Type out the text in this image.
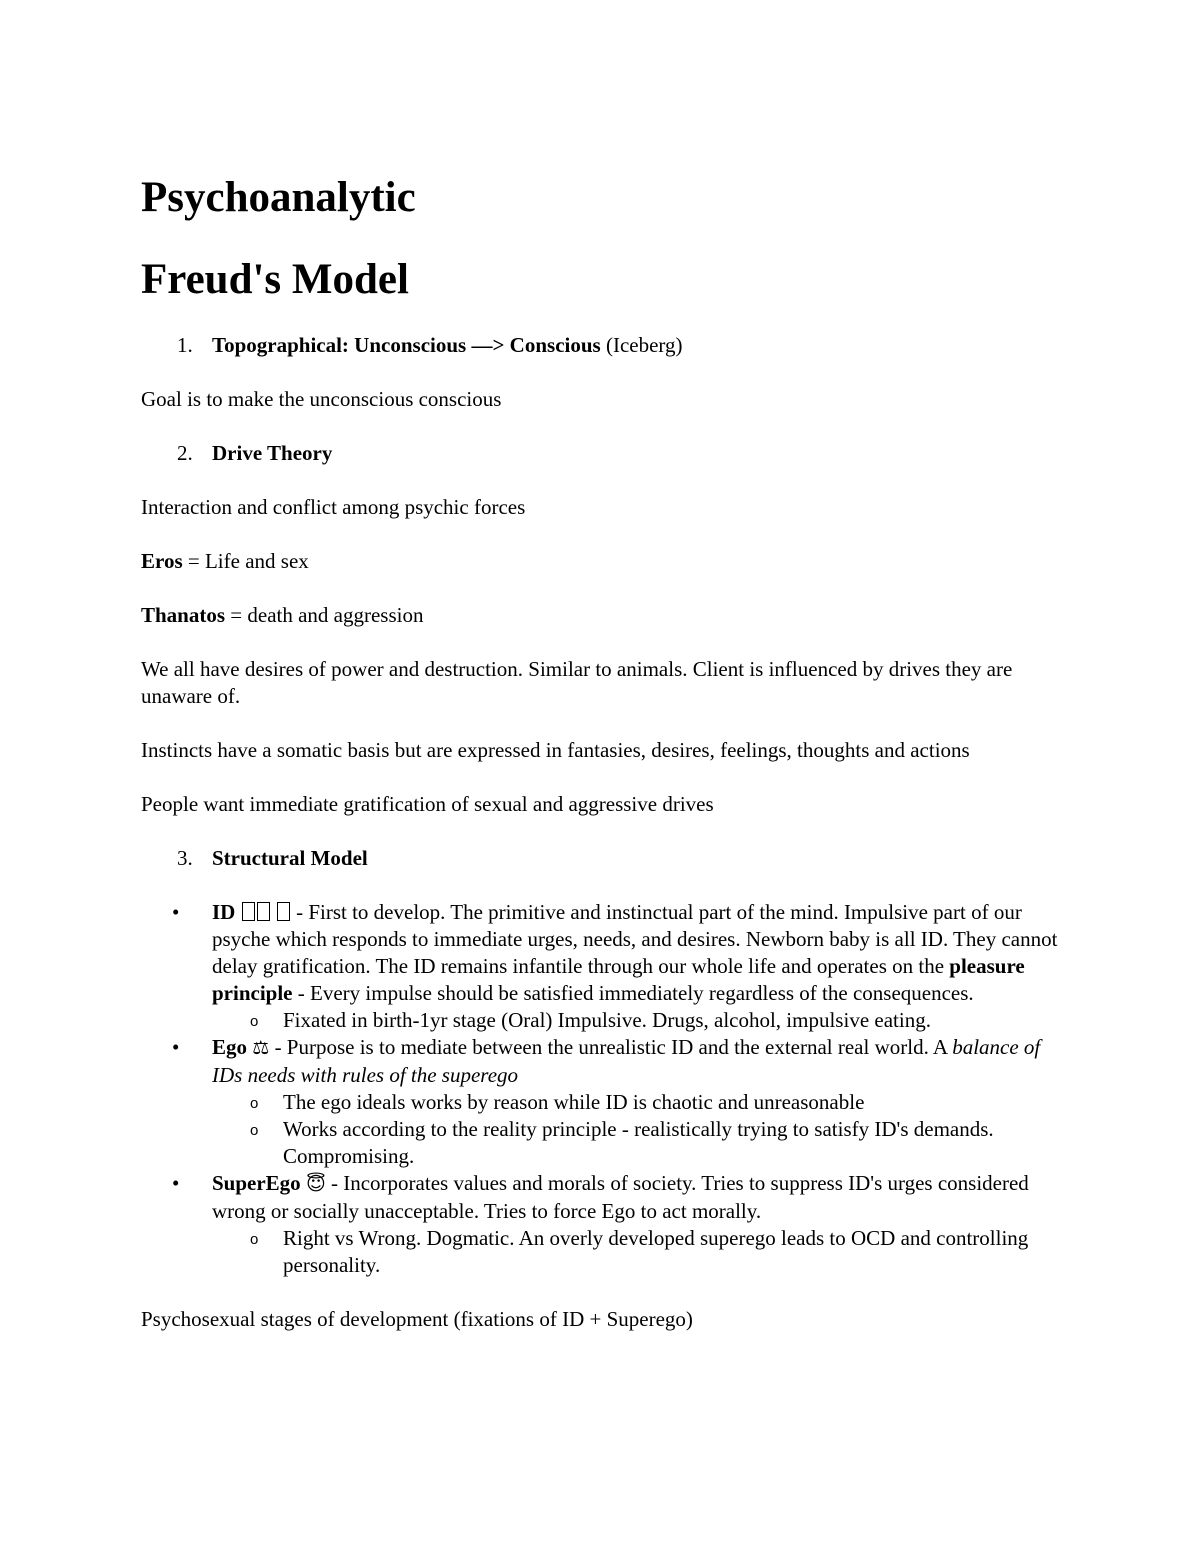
Psychoanalytic
Freud's Model
1. Topographical: Unconscious —> Conscious (Iceberg)
Goal is to make the unconscious conscious
2. Drive Theory
Interaction and conflict among psychic forces
Eros = Life and sex
Thanatos = death and aggression
We all have desires of power and destruction. Similar to animals. Client is influenced by drives they are unaware of.
Instincts have a somatic basis but are expressed in fantasies, desires, feelings, thoughts and actions
People want immediate gratification of sexual and aggressive drives
3. Structural Model
• ID	- First to develop. The primitive and instinctual part of the mind. Impulsive part of our psyche which responds to immediate urges, needs, and desires. Newborn baby is all ID. They cannot delay gratification. The ID remains infantile through our whole life and operates on the pleasure principle - Every impulse should be satisfied immediately regardless of the consequences.
o Fixated in birth-1yr stage (Oral) Impulsive. Drugs, alcohol, impulsive eating.
• Ego ⚖ - Purpose is to mediate between the unrealistic ID and the external real world. A balance of IDs needs with rules of the superego
o The ego ideals works by reason while ID is chaotic and unreasonable
o Works according to the reality principle - realistically trying to satisfy ID's demands. Compromising.
• SuperEgo 😇 - Incorporates values and morals of society. Tries to suppress ID's urges considered wrong or socially unacceptable. Tries to force Ego to act morally.
o Right vs Wrong. Dogmatic. An overly developed superego leads to OCD and controlling personality.
Psychosexual stages of development (fixations of ID + Superego)
